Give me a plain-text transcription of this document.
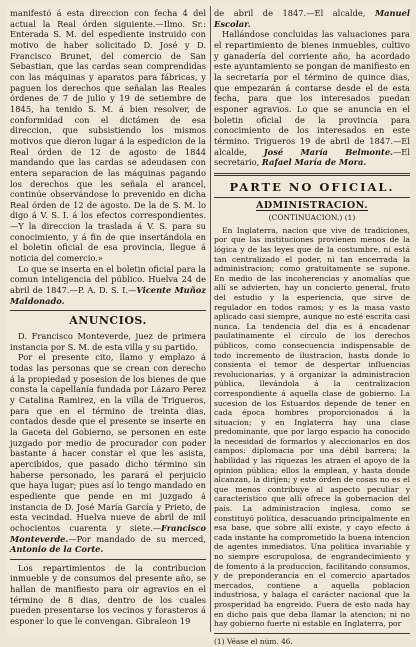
manifestó á esta direccion con fecha 4 del actual la Real órden siguiente.—Ilmo. Sr.: Enterada S. M. del espediente instruido con motivo de haber solicitado D. José y D. Francisco Brunet, del comercio de San Sebastian, que las cardas sean comprendidas con las máquinas y aparatos para fábricas, y paguen los derechos que señalan las Reales órdenes de 7 de julio y 19 de setiembre de 1845, ha tenido S. M. á bien resolver, de conformidad con el dictámen de esa direccion, que subsistiendo los mismos motivos que dieron lugar á la espedicion de la Real órden de 12 de agosto de 1844 mandando que las cardas se adeudasen con entera separacion de las máquinas pagando los derechos que les señala el arancel, continúe observándose lo prevenido en dicha Real órden de 12 de agosto. De la de S. M. lo digo á V. S. I. á los efectos correspondientes.—Y la direccion la traslada á V. S. para su conocimiento, y á fin de que insertándola en el boletin oficial de esa provincia, llegue á noticia del comercio.»

Lo que se inserta en el boletin oficial para la comun inteligencia del público. Huelva 24 de abril de 1847.—P. A. D. S. I.—Vicente Muñoz Maldonado.

ANUNCIOS.

D. Francisco Monteverde, juez de primera instancia por S. M. de esta villa y su partido.

Por el presente cito, llamo y emplazo á todas las personas que se crean con derecho á la propiedad y posesion de los bienes de que consta la capellanía fundada por Lázaro Perez y Catalina Ramirez, en la villa de Trigueros, para que en el término de treinta dias, contados desde que el presente se inserte en la Gaceta del Gobierno, se personen en este juzgado por medio de procurador con poder bastante á hacer constar el que les asista, apercibidos, que pasado dicho término sin haberse personado, les parará el perjuicio que haya lugar; pues así lo tengo mandado en espediente que pende en mi juzgado á instancia de D. José María García y Prieto, de esta vecindad. Huelva nueve de abril de mil ochocientos cuarenta y siete.—Francisco Monteverde.—Por mandado de su merced, Antonio de la Corte.

Los repartimientos de la contribucion inmueble y de consumos del presente año, se hallan de manifiesto para oir agravios en el término de 8 dias, dentro de los cuales pueden presentarse los vecinos y forasteros á esponer lo que le convengan. Gibraleon 19

de abril de 1847.—El alcalde, Manuel Escolar.

Hallándose concluidas las valuaciones para el repartimiento de bienes inmuebles, cultivo y ganadería del corriente año, ha acordado este ayuntamiento se pongan de manifiesto en la secretaría por el término de quince dias, que empezarán á contarse desde el de esta fecha, para que los interesados puedan esponer agravios. Lo que se anuncia en el boletin oficial de la provincia para conocimiento de los interesados en este término. Trigueros 19 de abril de 1847.—El alcalde, José María Belmonte.—El secretario, Rafael María de Mora.

PARTE NO OFICIAL.
ADMINISTRACION.
(CONTINUACION.) (1)

En Inglaterra, nacion que vive de tradiciones, por que las instituciones provienen menos de la lógica y de las leyes que de la costumbre, ni está tan centralizado el poder, ni tan encerrada la administracion; como gratuitamente se supone. En medio de las incoherencias y anomalías que allí se advierten, hay un concierto general, fruto del estudio y la esperiencia, que sirve de regulador en todos ramos; y es la masa vasto aplicado casi siempre, aunque no esté escrita casi nunca. La tendencia del dia es á encadenar paulatinamente el círculo de los derechos públicos, como consecuencia indispensable de todo incremento de ilustracion, hasta donde lo consienta el temor de despertar influencias revolucionarias, y á organizar la administracion pública, llevándola á la centralizacion correspondiente á aquella clase de gobierno. La sucesion de los Estuardos depende de tener en cada época hombres proporcionados á la situacion; y en Inglaterra hay una clase predominante, que por largo espacio ha conocido la necesidad de formarlos y aleccionarlos en dos campos: diplomacia por una débil barrera; la habilidad y las riquezas les atraen el apoyo de la opinion pública; ellos la emplean, y hasta donde alcanzan, la dirijen; y este órden de cosas no es el que menos contribuye al aspecto peculiar y característico que allí ofrece la gobernacion del país. La administracion inglesa, como se constituyó política, desacuando principalmente en esa base, que sobre allí existe, y cayo efecto á cada instante ha comprometido la buena intencion de agentes inmediatos. Una politica invariable y no siempre escrupulosa, de engrandecimiento y de fomento á la produccion, facilitando consumos, y de preponderancia en el comercio apartados mercados, contiene a aquella poblacion industriosa, y halaga el carácter nacional que la prosperidad ha engreido. Fuera de esto nada hay en dicho pais que deba llamar la atencion; ni no hay gobierno fuerte ni estable en Inglaterra, por

(1) Véase el núm. 46.
